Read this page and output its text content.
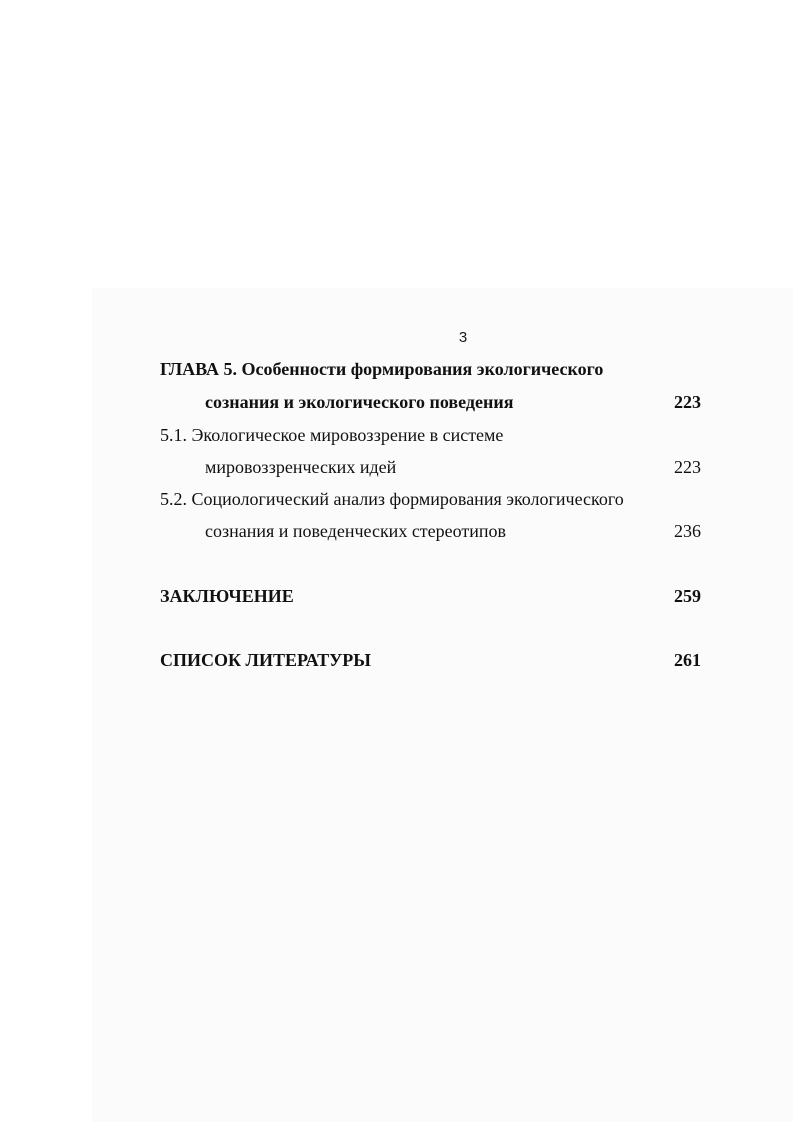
3
ГЛАВА 5. Особенности формирования экологического
сознания и экологического поведения	223
5.1. Экологическое мировоззрение в системе
мировоззренческих идей	223
5.2. Социологический анализ формирования экологического
сознания и поведенческих стереотипов	236
ЗАКЛЮЧЕНИЕ	259
СПИСОК ЛИТЕРАТУРЫ	261
